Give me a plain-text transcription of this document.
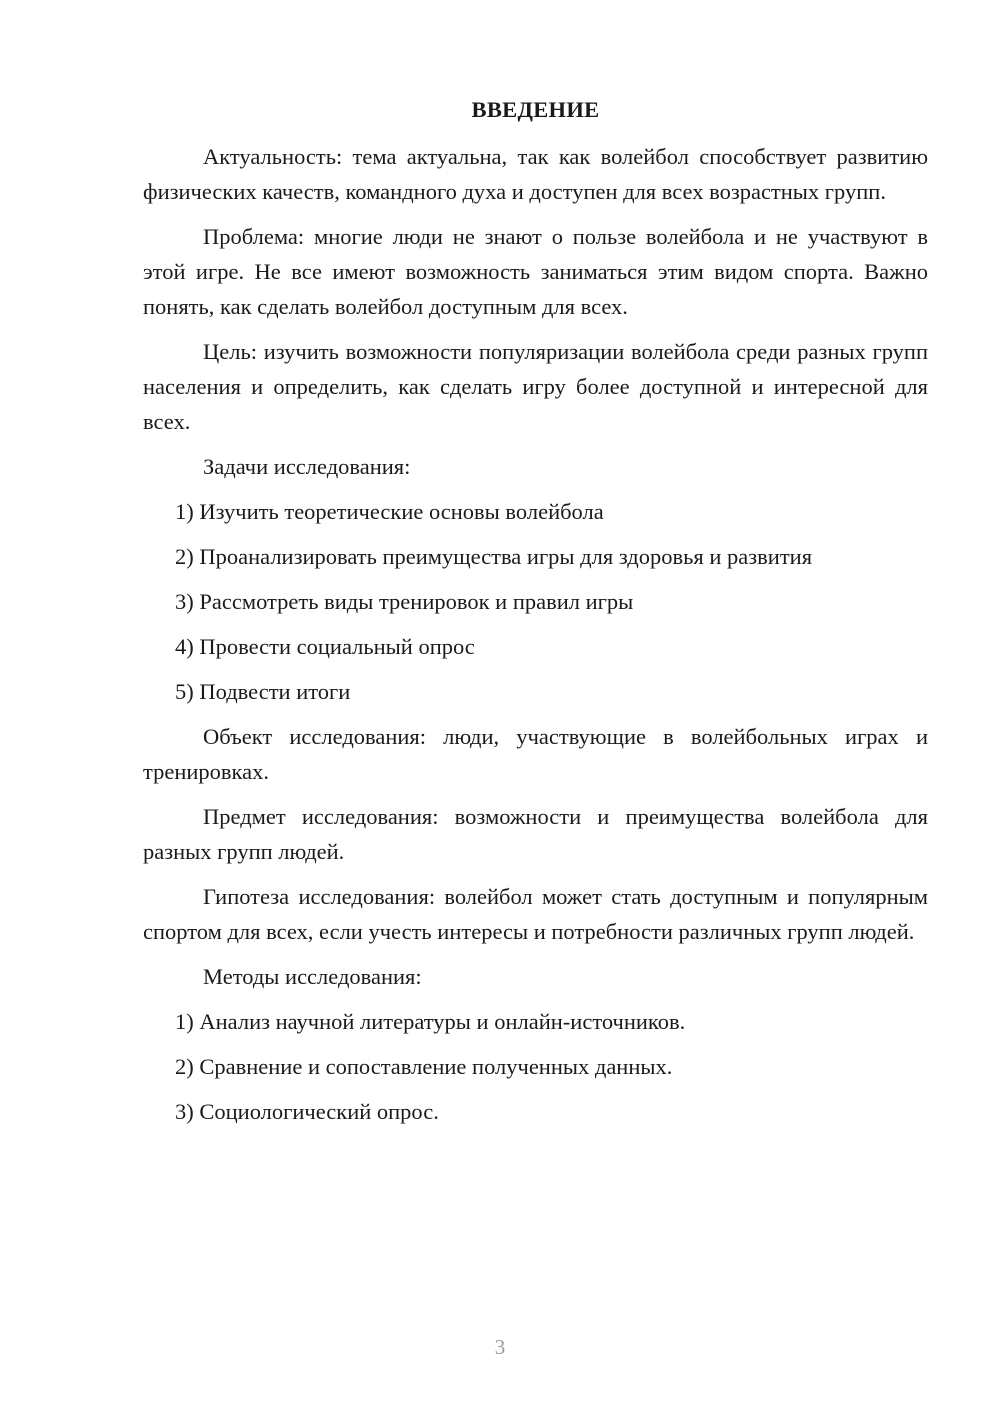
ВВЕДЕНИЕ
Актуальность: тема актуальна, так как волейбол способствует развитию физических качеств, командного духа и доступен для всех возрастных групп.
Проблема: многие люди не знают о пользе волейбола и не участвуют в этой игре. Не все имеют возможность заниматься этим видом спорта. Важно понять, как сделать волейбол доступным для всех.
Цель: изучить возможности популяризации волейбола среди разных групп населения и определить, как сделать игру более доступной и интересной для всех.
Задачи исследования:
1) Изучить теоретические основы волейбола
2) Проанализировать преимущества игры для здоровья и развития
3) Рассмотреть виды тренировок и правил игры
4) Провести социальный опрос
5) Подвести итоги
Объект исследования: люди, участвующие в волейбольных играх и тренировках.
Предмет исследования: возможности и преимущества волейбола для разных групп людей.
Гипотеза исследования: волейбол может стать доступным и популярным спортом для всех, если учесть интересы и потребности различных групп людей.
Методы исследования:
1) Анализ научной литературы и онлайн-источников.
2) Сравнение и сопоставление полученных данных.
3) Социологический опрос.
3
